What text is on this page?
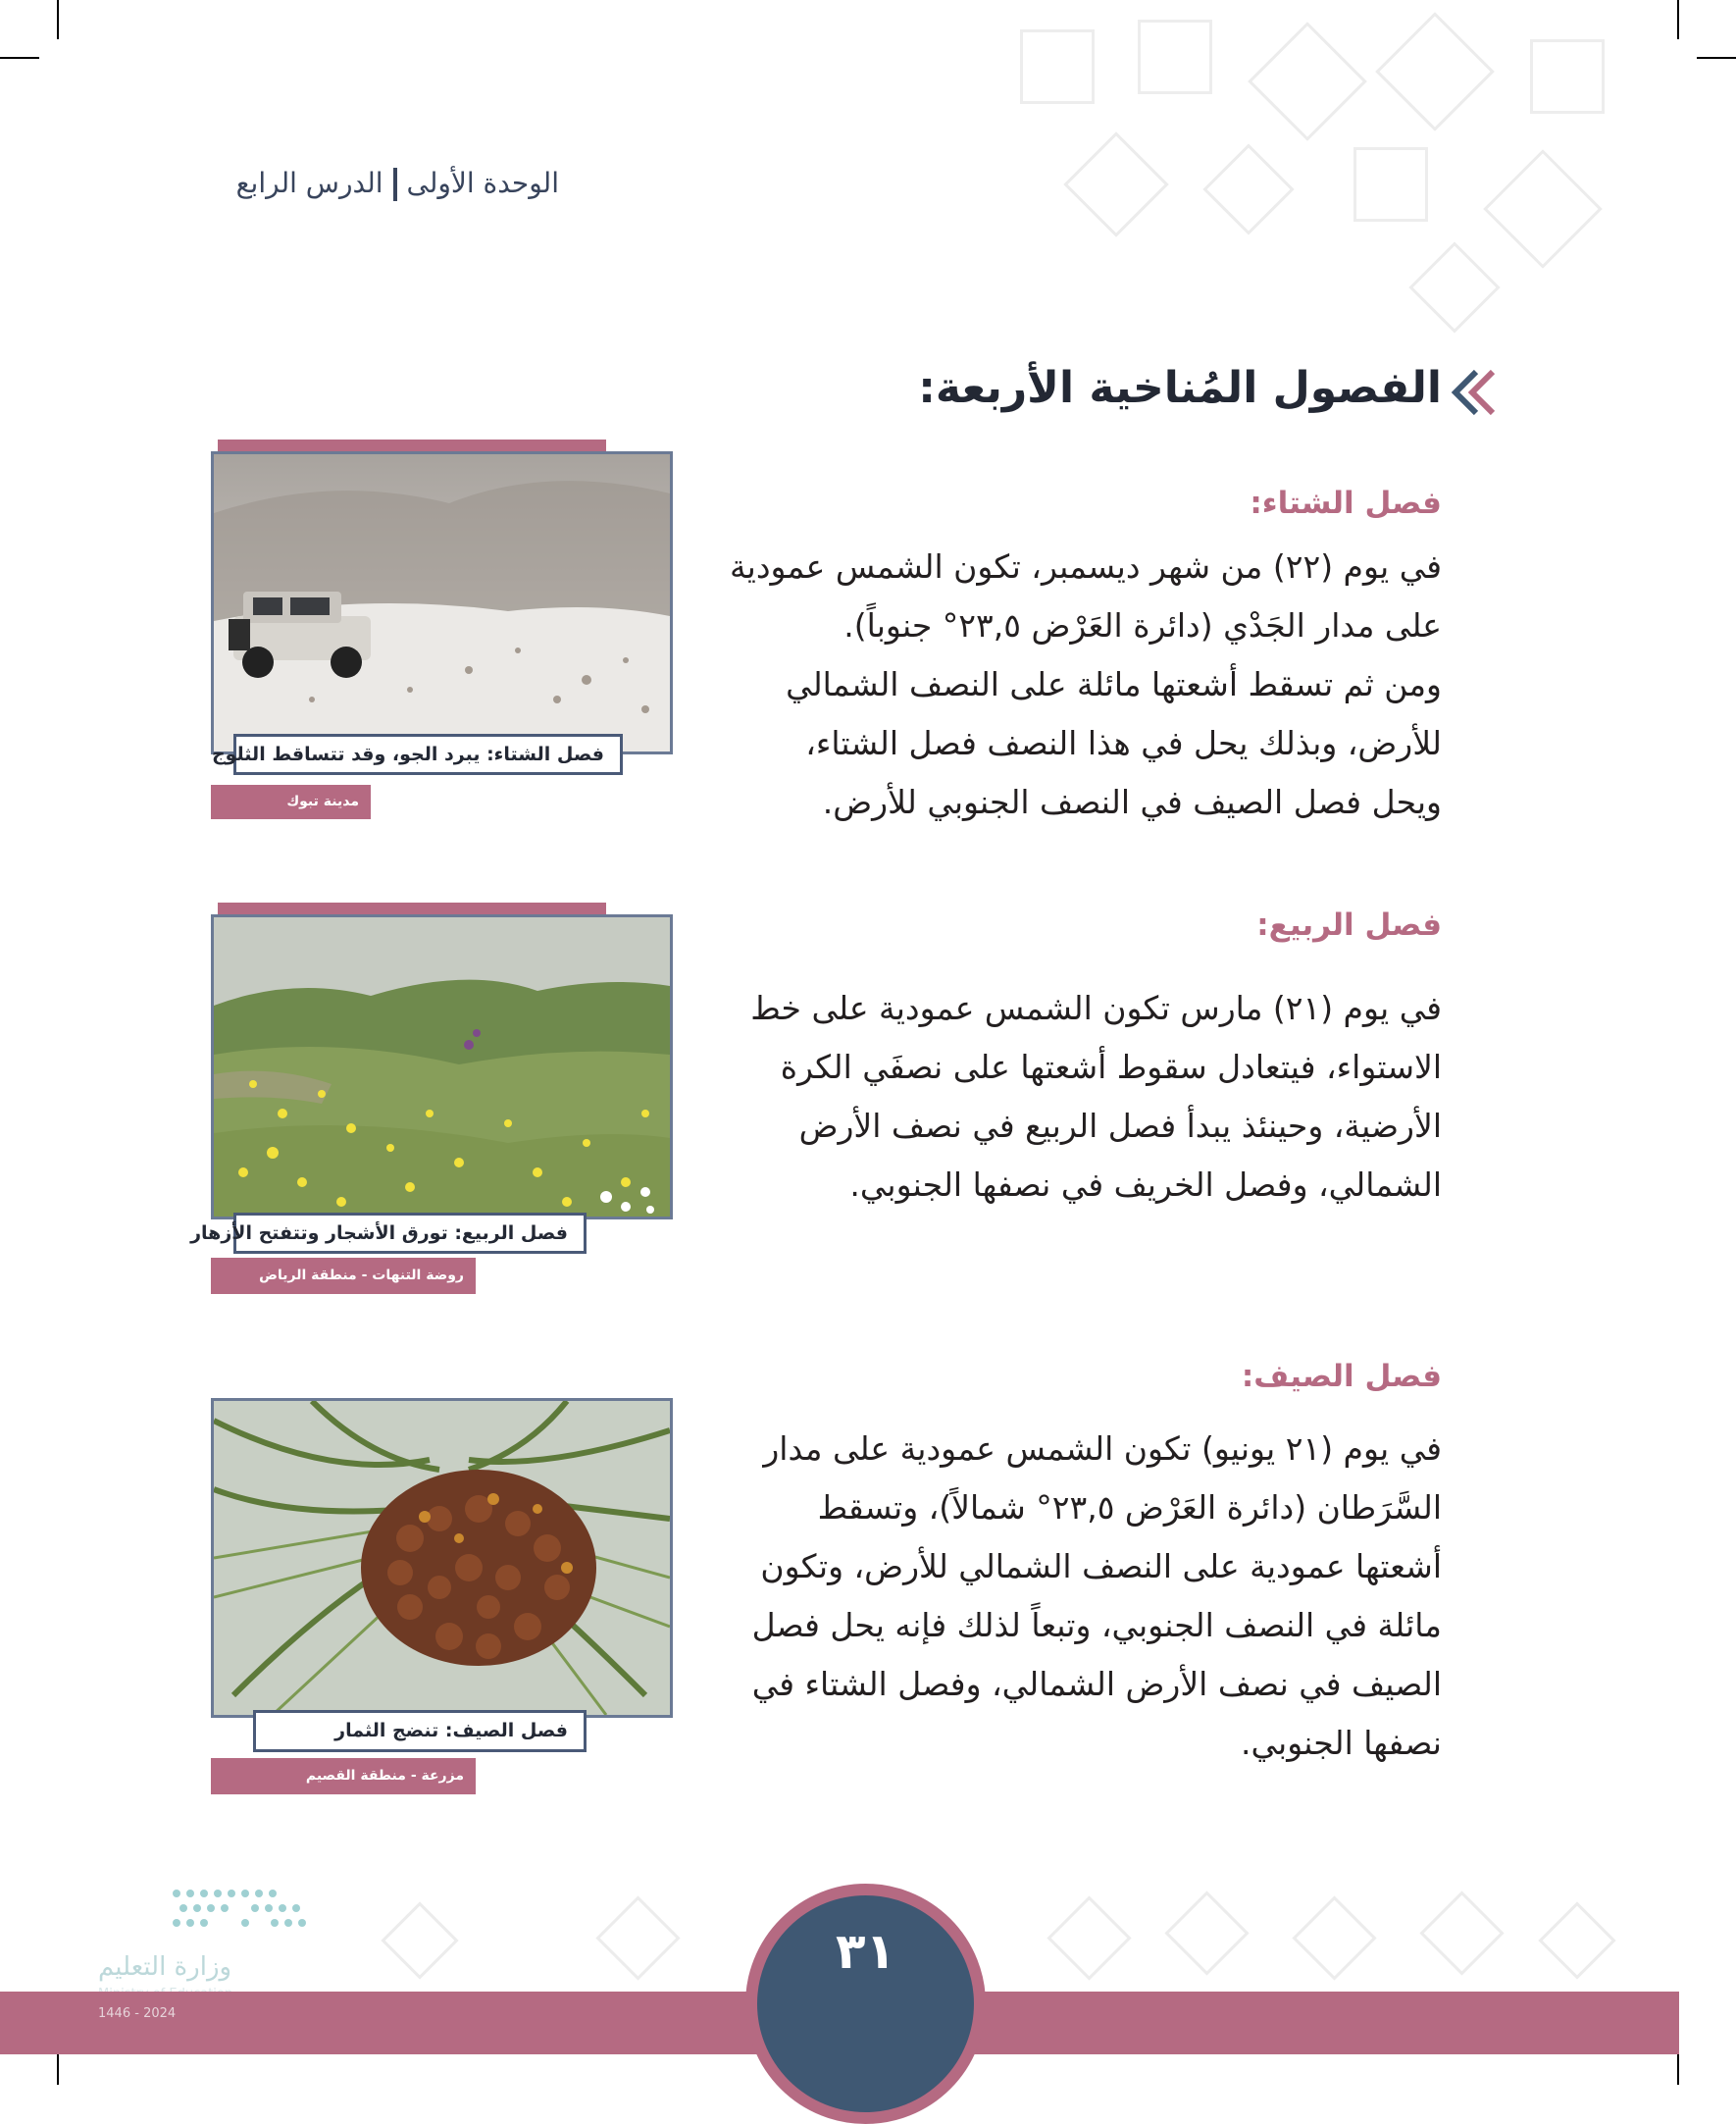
الوحدة الأولىالدرس الرابع
الفصول المُناخية الأربعة:
فصل الشتاء:
في يوم (٢٢) من شهر ديسمبر، تكون الشمس عمودية
على مدار الجَدْي (دائرة العَرْض ٢٣,٥° جنوباً).
ومن ثم تسقط أشعتها مائلة على النصف الشمالي
للأرض، وبذلك يحل في هذا النصف فصل الشتاء،
ويحل فصل الصيف في النصف الجنوبي للأرض.
فصل الشتاء: يبرد الجو، وقد تتساقط الثلوج
مدينة تبوك
فصل الربيع:
في يوم (٢١) مارس تكون الشمس عمودية على خط
الاستواء، فيتعادل سقوط أشعتها على نصفَي الكرة
الأرضية، وحينئذ يبدأ فصل الربيع في نصف الأرض
الشمالي، وفصل الخريف في نصفها الجنوبي.
فصل الربيع: تورق الأشجار وتتفتح الأزهار
روضة التنهات - منطقة الرياض
فصل الصيف:
في يوم (٢١ يونيو) تكون الشمس عمودية على مدار
السَّرَطان (دائرة العَرْض ٢٣,٥° شمالاً)، وتسقط
أشعتها عمودية على النصف الشمالي للأرض، وتكون
مائلة في النصف الجنوبي، وتبعاً لذلك فإنه يحل فصل
الصيف في نصف الأرض الشمالي، وفصل الشتاء في
نصفها الجنوبي.
فصل الصيف: تنضج الثمار
مزرعة - منطقة القصيم
وزارة التعليم
2024 - 1446
٣١
